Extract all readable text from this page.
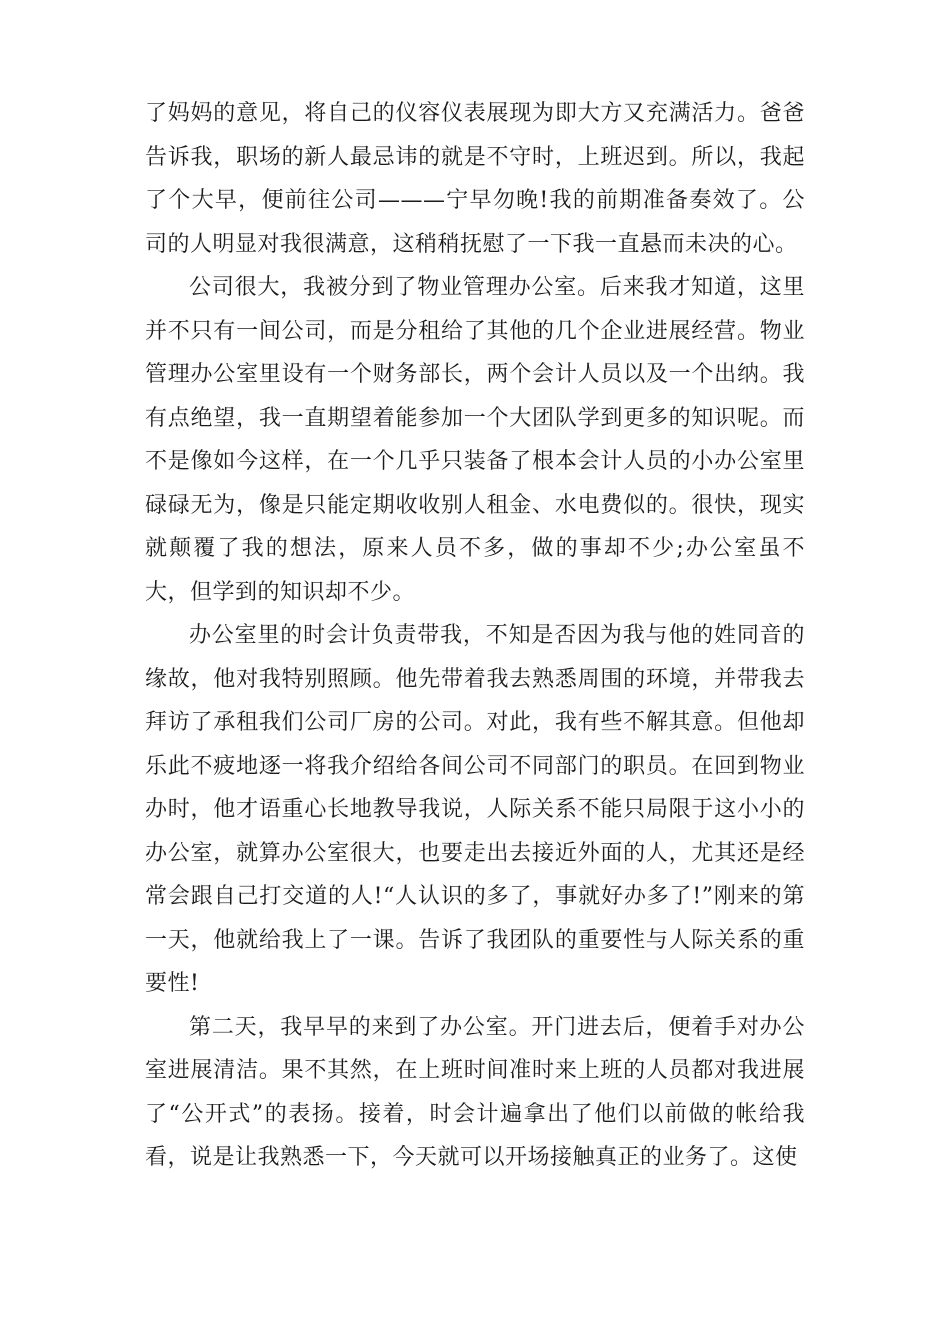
了妈妈的意见，将自己的仪容仪表展现为即大方又充满活力。爸爸告诉我，职场的新人最忌讳的就是不守时，上班迟到。所以，我起了个大早，便前往公司———宁早勿晚!我的前期准备奏效了。公司的人明显对我很满意，这稍稍抚慰了一下我一直悬而未决的心。

公司很大，我被分到了物业管理办公室。后来我才知道，这里并不只有一间公司，而是分租给了其他的几个企业进展经营。物业管理办公室里设有一个财务部长，两个会计人员以及一个出纳。我有点绝望，我一直期望着能参加一个大团队学到更多的知识呢。而不是像如今这样，在一个几乎只装备了根本会计人员的小办公室里碌碌无为，像是只能定期收收别人租金、水电费似的。很快，现实就颠覆了我的想法，原来人员不多，做的事却不少;办公室虽不大，但学到的知识却不少。

办公室里的时会计负责带我，不知是否因为我与他的姓同音的缘故，他对我特别照顾。他先带着我去熟悉周围的环境，并带我去拜访了承租我们公司厂房的公司。对此，我有些不解其意。但他却乐此不疲地逐一将我介绍给各间公司不同部门的职员。在回到物业办时，他才语重心长地教导我说，人际关系不能只局限于这小小的办公室，就算办公室很大，也要走出去接近外面的人，尤其还是经常会跟自己打交道的人!“人认识的多了，事就好办多了!”刚来的第一天，他就给我上了一课。告诉了我团队的重要性与人际关系的重要性!

第二天，我早早的来到了办公室。开门进去后，便着手对办公室进展清洁。果不其然，在上班时间准时来上班的人员都对我进展了“公开式”的表扬。接着，时会计遍拿出了他们以前做的帐给我看，说是让我熟悉一下，今天就可以开场接触真正的业务了。这使
